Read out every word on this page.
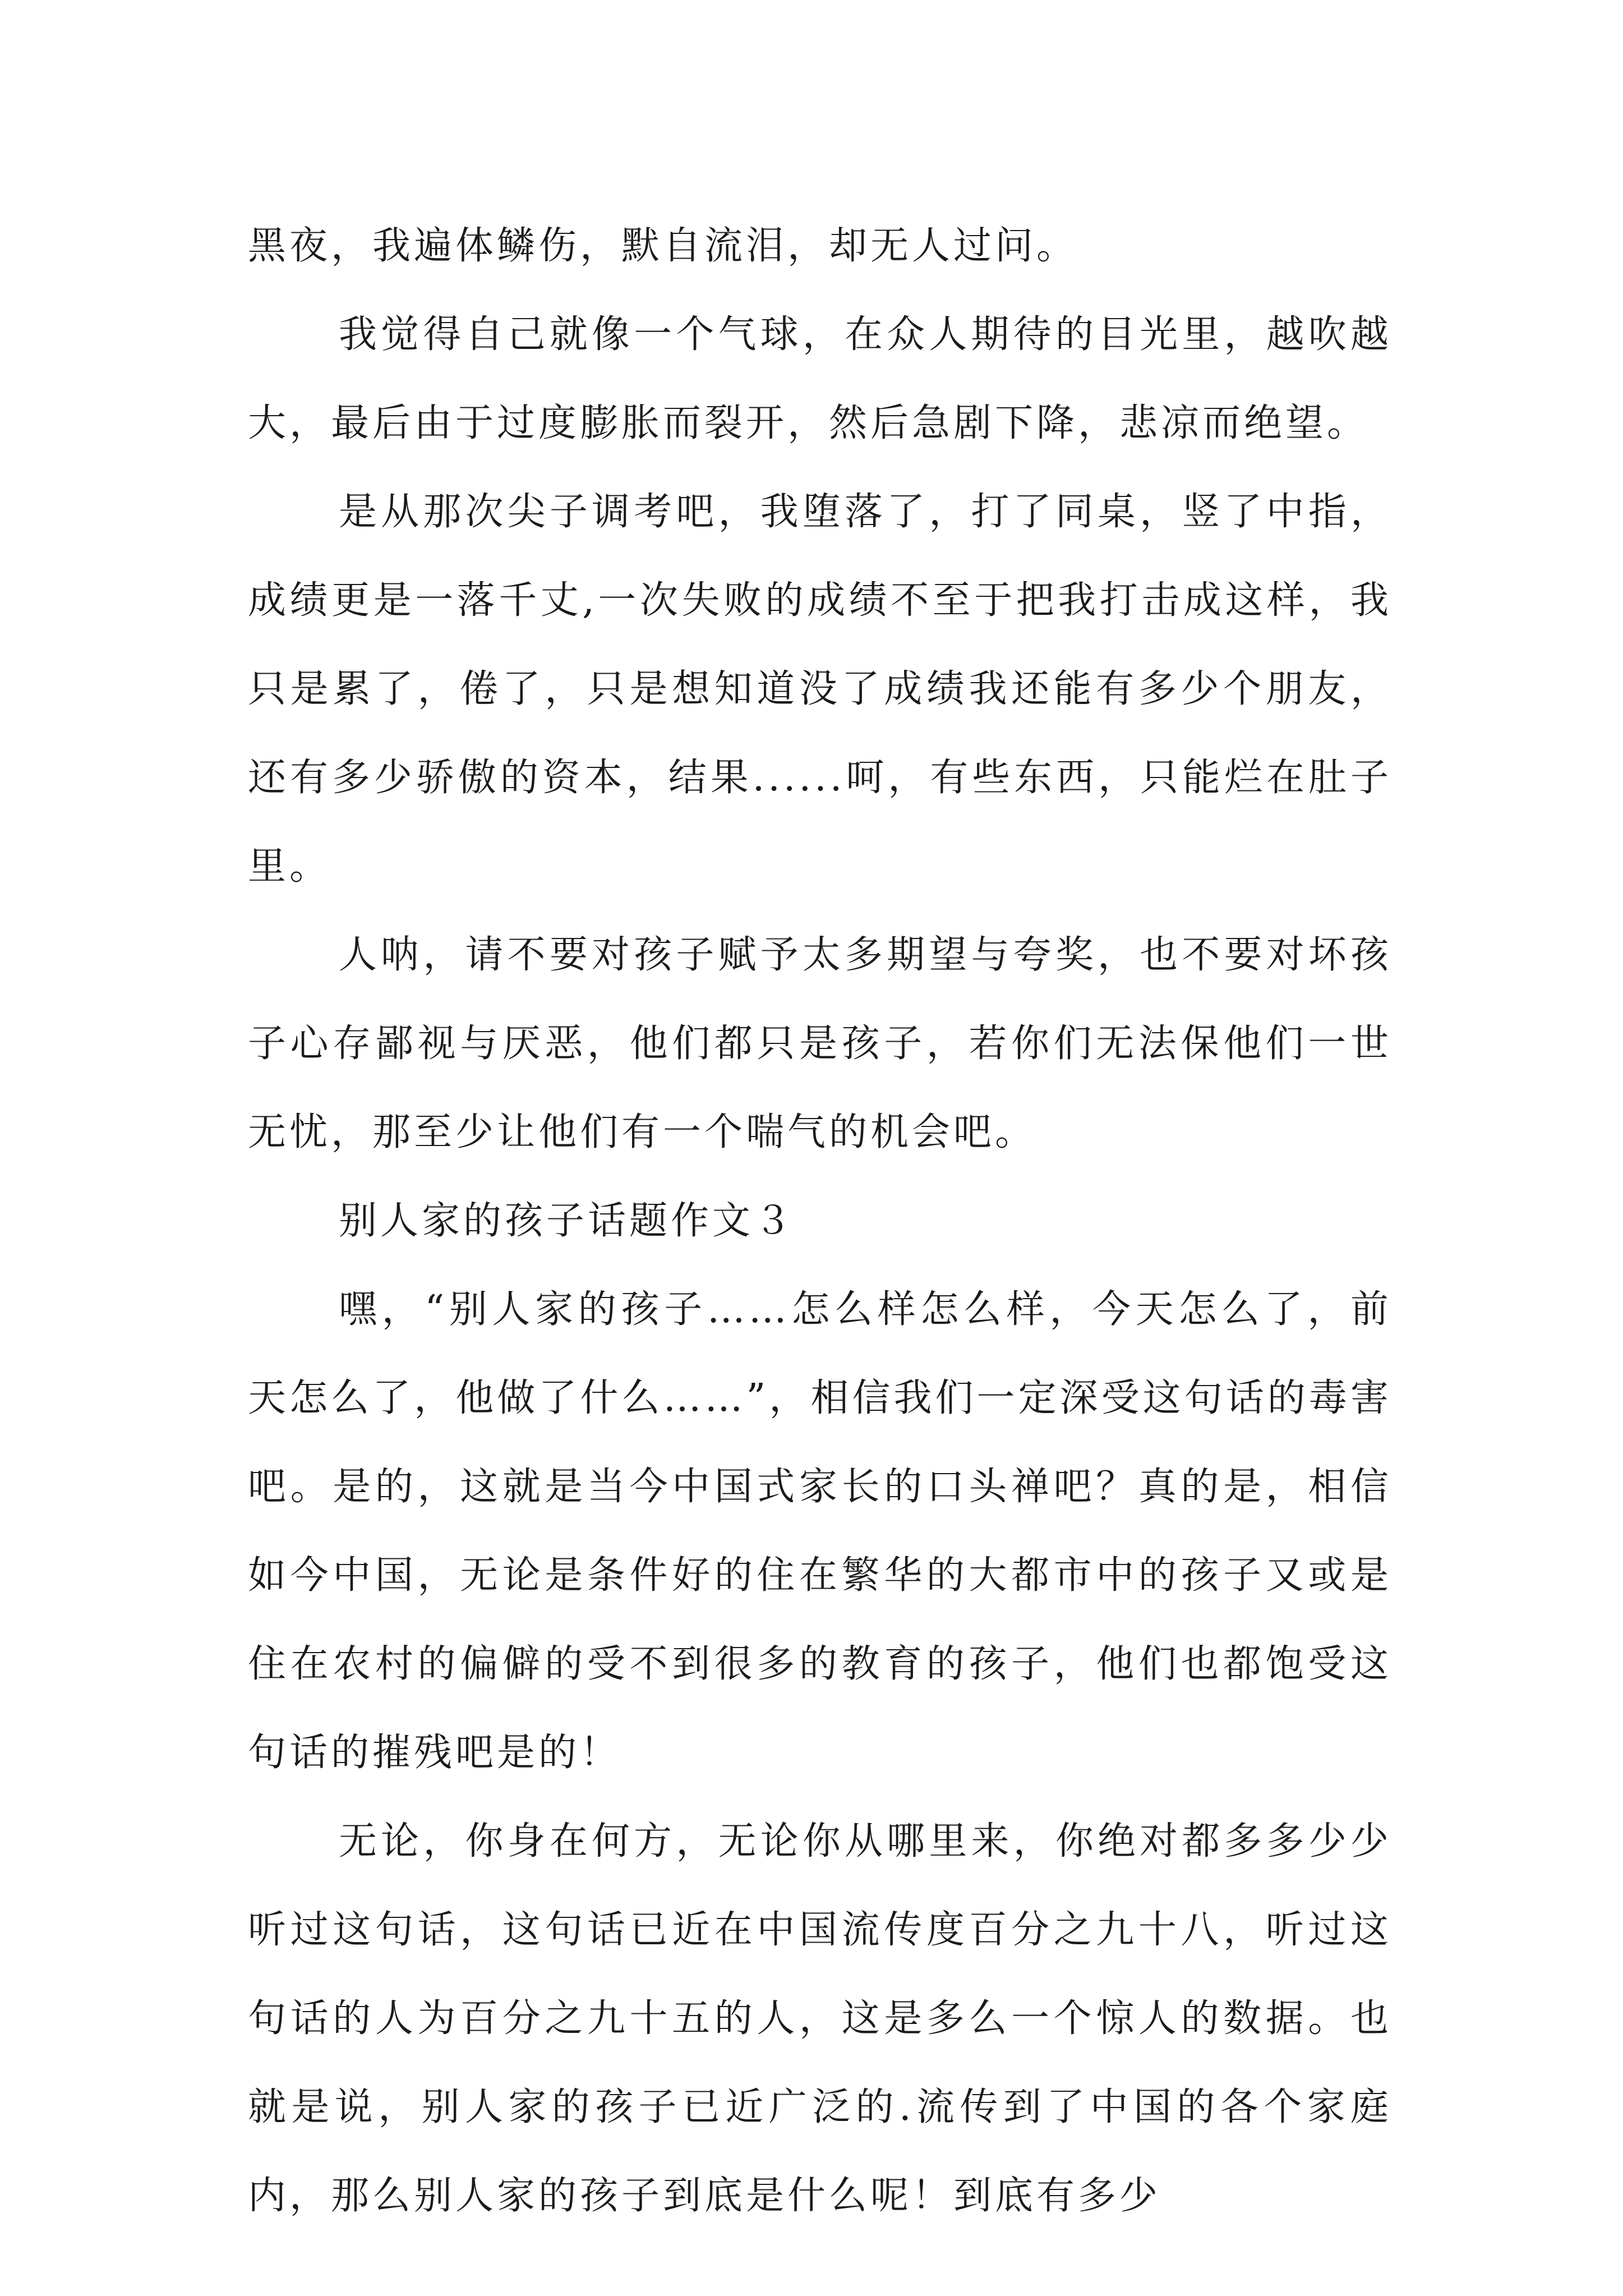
黑夜，我遍体鳞伤，默自流泪，却无人过问。

我觉得自己就像一个气球，在众人期待的目光里，越吹越大，最后由于过度膨胀而裂开，然后急剧下降，悲凉而绝望。

是从那次尖子调考吧，我堕落了，打了同桌，竖了中指，成绩更是一落千丈,一次失败的成绩不至于把我打击成这样，我只是累了，倦了，只是想知道没了成绩我还能有多少个朋友，还有多少骄傲的资本，结果......呵，有些东西，只能烂在肚子里。

人呐，请不要对孩子赋予太多期望与夸奖，也不要对坏孩子心存鄙视与厌恶，他们都只是孩子，若你们无法保他们一世无忧，那至少让他们有一个喘气的机会吧。

别人家的孩子话题作文３

嘿，“别人家的孩子……怎么样怎么样，今天怎么了，前天怎么了，他做了什么……”，相信我们一定深受这句话的毒害吧。是的，这就是当今中国式家长的口头禅吧？真的是，相信如今中国，无论是条件好的住在繁华的大都市中的孩子又或是住在农村的偏僻的受不到很多的教育的孩子，他们也都饱受这句话的摧残吧是的！

无论，你身在何方，无论你从哪里来，你绝对都多多少少听过这句话，这句话已近在中国流传度百分之九十八，听过这句话的人为百分之九十五的人，这是多么一个惊人的数据。也就是说，别人家的孩子已近广泛的.流传到了中国的各个家庭内，那么别人家的孩子到底是什么呢！到底有多少
